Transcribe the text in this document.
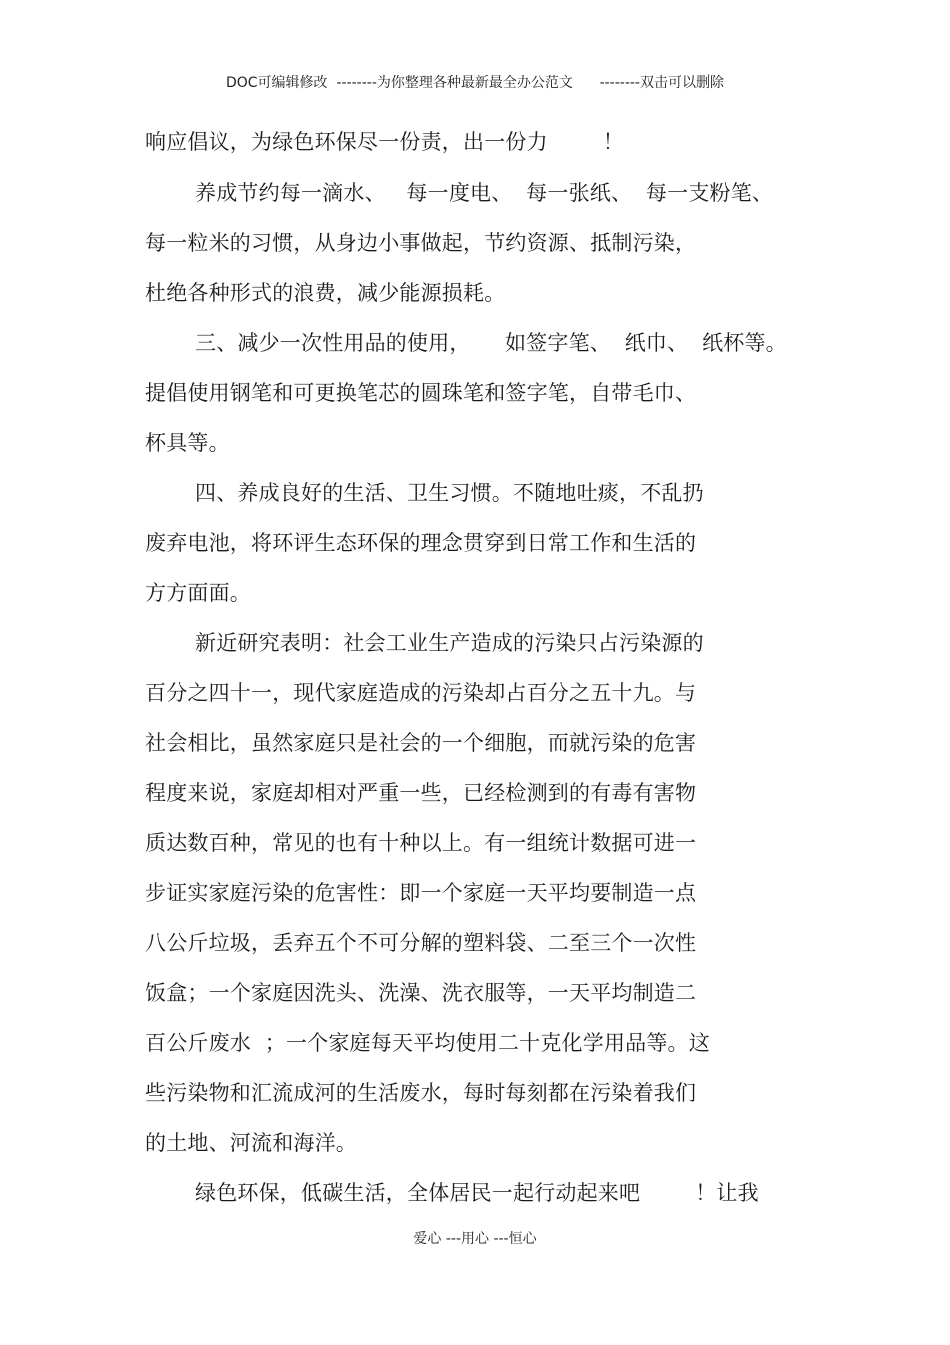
DOC可编辑修改  --------为你整理各种最新最全办公范文      --------双击可以删除
响应倡议，为绿色环保尽一份责，出一份力        ！
养成节约每一滴水、   每一度电、  每一张纸、  每一支粉笔、
每一粒米的习惯，从身边小事做起，节约资源、抵制污染，
杜绝各种形式的浪费，减少能源损耗。
三、减少一次性用品的使用，     如签字笔、  纸巾、  纸杯等。
提倡使用钢笔和可更换笔芯的圆珠笔和签字笔，自带毛巾、
杯具等。
四、养成良好的生活、卫生习惯。不随地吐痰，不乱扔
废弃电池，将环评生态环保的理念贯穿到日常工作和生活的
方方面面。
新近研究表明：社会工业生产造成的污染只占污染源的
百分之四十一，现代家庭造成的污染却占百分之五十九。与
社会相比，虽然家庭只是社会的一个细胞，而就污染的危害
程度来说，家庭却相对严重一些，已经检测到的有毒有害物
质达数百种，常见的也有十种以上。有一组统计数据可进一
步证实家庭污染的危害性：即一个家庭一天平均要制造一点
八公斤垃圾，丢弃五个不可分解的塑料袋、二至三个一次性
饭盒；一个家庭因洗头、洗澡、洗衣服等，一天平均制造二
百公斤废水  ；一个家庭每天平均使用二十克化学用品等。这
些污染物和汇流成河的生活废水，每时每刻都在污染着我们
的土地、河流和海洋。
绿色环保，低碳生活，全体居民一起行动起来吧        ！让我
爱心 ---用心 ---恒心
